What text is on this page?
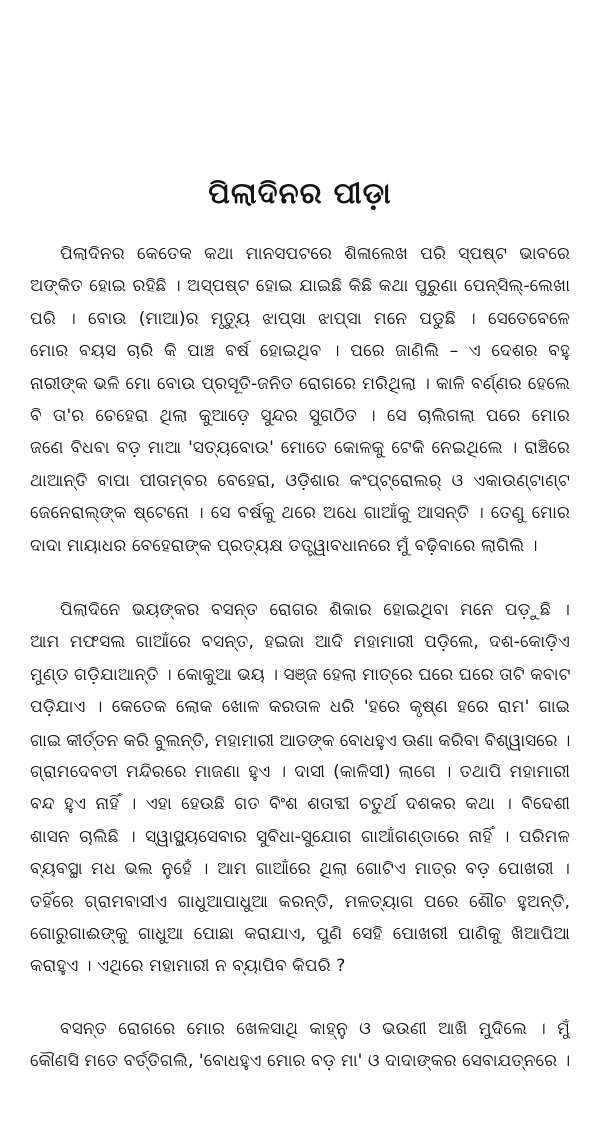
ପିଲାଦିନର ପୀଡ଼ା
ପିଲାଦିନର କେତେକ କଥା ମାନସପଟରେ ଶିଳାଲେଖ ପରି ସ୍ପଷ୍ଟ ଭାବରେ
ଅଙ୍କିତ ହୋଇ ରହିଛି । ଅସ୍ପଷ୍ଟ ହୋଇ ଯାଇଛି କିଛି କଥା ପୁରୁଣା ପେନ୍‌ସିଲ୍‌-ଲେଖା
ପରି । ବୋଉ (ମାଆ)ର ମୃତ୍ୟୁ ଝାପ୍‌ସା ଝାପ୍‌ସା ମନେ ପଡୁଛି । ସେତେବେଳେ
ମୋର ବୟସ ଚାରି କି ପାଞ୍ଚ ବର୍ଷ ହୋଇଥିବ । ପରେ ଜାଣିଲି – ଏ ଦେଶର ବହୁ
ନାରୀଙ୍କ ଭଳି ମୋ ବୋଉ ପ୍ରସୂତି-ଜନିତ ରୋଗରେ ମରିଥିଲା । କାଳି ବର୍ଣ୍ଣର ହେଲେ
ବି ତା'ର ଚେହେରା ଥିଲା କୁଆଡ଼େ ସୁନ୍ଦର ସୁଗଠିତ । ସେ ଚାଲିଗଲା ପରେ ମୋର
ଜଣେ ବିଧବା ବଡ଼ ମାଆ 'ସତ୍ୟବୋଉ' ମୋତେ କୋଳକୁ ଟେକି ନେଇଥିଲେ । ରାଞ୍ଚିରେ
ଥାଆନ୍ତି ବାପା ପୀତାମ୍ବର ବେହେରା, ଓଡ଼ିଶାର କଂପ୍‌ଟ୍ରୋଲର୍ ଓ ଏକାଉଣ୍ଟାଣ୍ଟ
ଜେନେରାଲ୍‌ଙ୍କ ଷ୍ଟେନୋ । ସେ ବର୍ଷକୁ ଥରେ ଅଧେ ଗାଆଁକୁ ଆସନ୍ତି । ତେଣୁ ମୋର
ଦାଦା ମାୟାଧର ବେହେରାଙ୍କ ପ୍ରତ୍ୟକ୍ଷ ତତ୍ତ୍ୱାବଧାନରେ ମୁଁ ବଢ଼ିବାରେ ଲାଗିଲି ।
ପିଲାଦିନେ ଭୟଙ୍କର ବସନ୍ତ ରୋଗର ଶିକାର ହୋଇଥିବା ମନେ ପଡ଼ୁଛି ।
ଆମ ମଫସଲ ଗାଆଁରେ ବସନ୍ତ, ହଇଜା ଆଦି ମହାମାରୀ ପଡ଼ିଲେ, ଦଶ-କୋଡ଼ିଏ
ମୁଣ୍ଡ ଗଡ଼ିଯାଆନ୍ତି । କୋକୁଆ ଭୟ । ସଞ୍ଜ ହେଲା ମାତ୍ରେ ଘରେ ଘରେ ତାଟି କବାଟ
ପଡ଼ିଯାଏ । କେତେକ ଲୋକ ଖୋଳ କରତାଳ ଧରି 'ହରେ କୃଷ୍ଣ ହରେ ରାମ' ଗାଇ
ଗାଇ କୀର୍ତ୍ତନ କରି ବୁଲନ୍ତି, ମହାମାରୀ ଆତଙ୍କ ବୋଧହୁଏ ଊଣା କରିବା ବିଶ୍ୱାସରେ ।
ଗ୍ରାମଦେବତୀ ମନ୍ଦିରରେ ମାଜଣା ହୁଏ । ଦାସୀ (କାଳିସୀ) ଲାଗେ । ତଥାପି ମହାମାରୀ
ବନ୍ଦ ହୁଏ ନାହିଁ । ଏହା ହେଉଛି ଗତ ବିଂଶ ଶତାବ୍ଦୀ ଚତୁର୍ଥ ଦଶକର କଥା । ବିଦେଶୀ
ଶାସନ ଚାଲିଛି । ସ୍ୱାସ୍ଥ୍ୟସେବାର ସୁବିଧା-ସୁଯୋଗ ଗାଆଁଗଣ୍ଡାରେ ନାହିଁ । ପରିମଳ
ବ୍ୟବସ୍ଥା ମଧ ଭଲ ନୁହେଁ । ଆମ ଗାଆଁରେ ଥିଲା ଗୋଟିଏ ମାତ୍ର ବଡ଼ ପୋଖରୀ ।
ତହିଁରେ ଗ୍ରାମବାସୀଏ ଗାଧୁଆପାଧୁଆ କରନ୍ତି, ମଳତ୍ୟାଗ ପରେ ଶୌଚ ହୁଅନ୍ତି,
ଗୋରୁଗାଈଙ୍କୁ ଗାଧୁଆ ପୋଛା କରାଯାଏ, ପୁଣି ସେହି ପୋଖରୀ ପାଣିକୁ ଖିଆପିଆ
କରାହୁଏ । ଏଥିରେ ମହାମାରୀ ନ ବ୍ୟାପିବ କିପରି ?
ବସନ୍ତ ରୋଗରେ ମୋର ଖେଳସାଥି କାହ୍ନୁ ଓ ଭଉଣୀ ଆଖି ମୁଦିଲେ । ମୁଁ
କୌଣସି ମତେ ବର୍ତ୍ତିଗଲି, 'ବୋଧହୁଏ ମୋର ବଡ଼ ମା' ଓ ଦାଦାଙ୍କର ସେବାଯତ୍ନରେ ।
